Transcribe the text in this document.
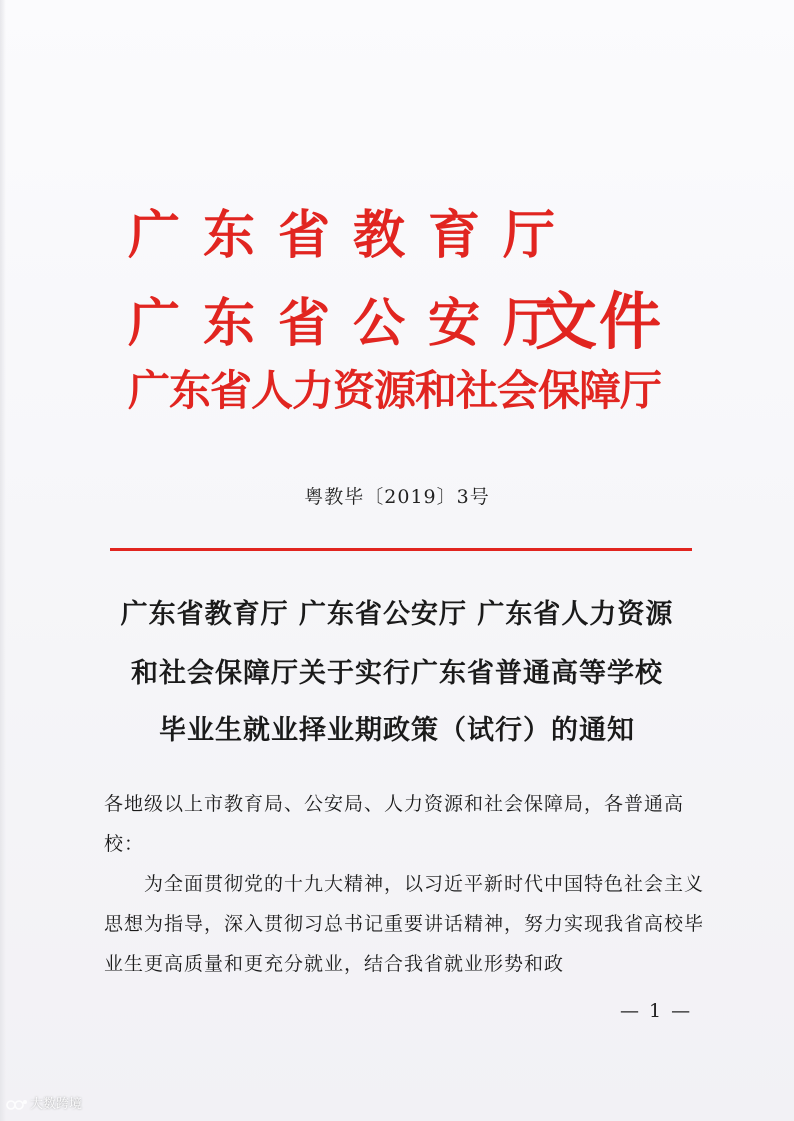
广东省教育厅
广东省公安厅
广东省人力资源和社会保障厅
文件
粤教毕〔2019〕3号
广东省教育厅 广东省公安厅 广东省人力资源
和社会保障厅关于实行广东省普通高等学校
毕业生就业择业期政策（试行）的通知
各地级以上市教育局、公安局、人力资源和社会保障局，各普通高校：
为全面贯彻党的十九大精神，以习近平新时代中国特色社会主义思想为指导，深入贯彻习总书记重要讲话精神，努力实现我省高校毕业生更高质量和更充分就业，结合我省就业形势和政
— 1 —
大数跨境
